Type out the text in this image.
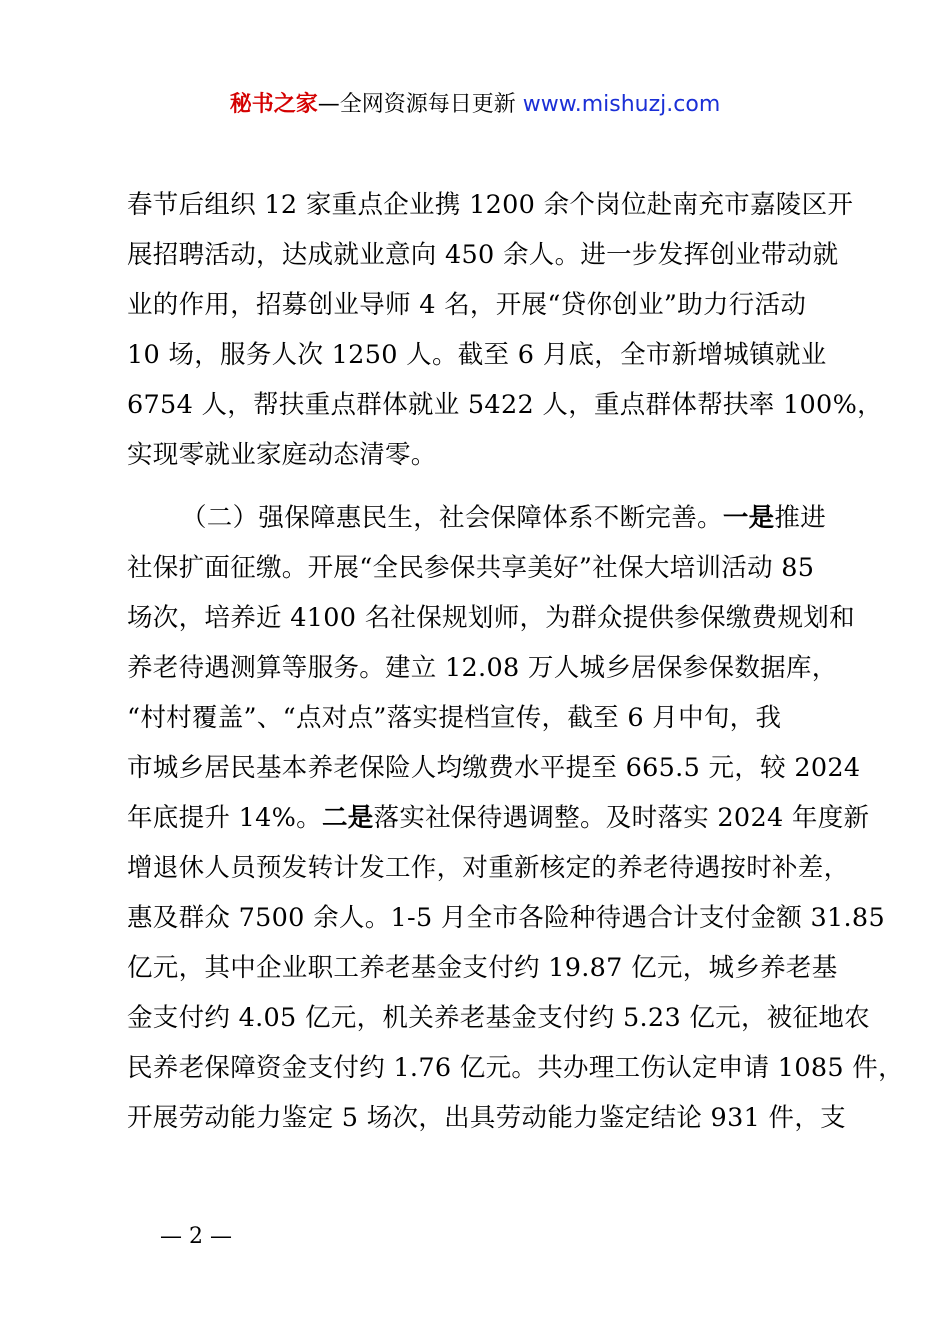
秘书之家—全网资源每日更新 www.mishuzj.com
春节后组织 12 家重点企业携 1200 余个岗位赴南充市嘉陵区开
展招聘活动，达成就业意向 450 余人。进一步发挥创业带动就
业的作用，招募创业导师 4 名，开展“贷你创业”助力行活动
10 场，服务人次 1250 人。截至 6 月底，全市新增城镇就业
6754 人，帮扶重点群体就业 5422 人，重点群体帮扶率 100%，
实现零就业家庭动态清零。
（二）强保障惠民生，社会保障体系不断完善。一是推进
社保扩面征缴。开展“全民参保共享美好”社保大培训活动 85
场次，培养近 4100 名社保规划师，为群众提供参保缴费规划和
养老待遇测算等服务。建立 12.08 万人城乡居保参保数据库，
“村村覆盖”、“点对点”落实提档宣传，截至 6 月中旬，我
市城乡居民基本养老保险人均缴费水平提至 665.5 元，较 2024
年底提升 14%。二是落实社保待遇调整。及时落实 2024 年度新
增退休人员预发转计发工作，对重新核定的养老待遇按时补差，
惠及群众 7500 余人。1-5 月全市各险种待遇合计支付金额 31.85
亿元，其中企业职工养老基金支付约 19.87 亿元，城乡养老基
金支付约 4.05 亿元，机关养老基金支付约 5.23 亿元，被征地农
民养老保障资金支付约 1.76 亿元。共办理工伤认定申请 1085 件，
开展劳动能力鉴定 5 场次，出具劳动能力鉴定结论 931 件，支
— 2 —
